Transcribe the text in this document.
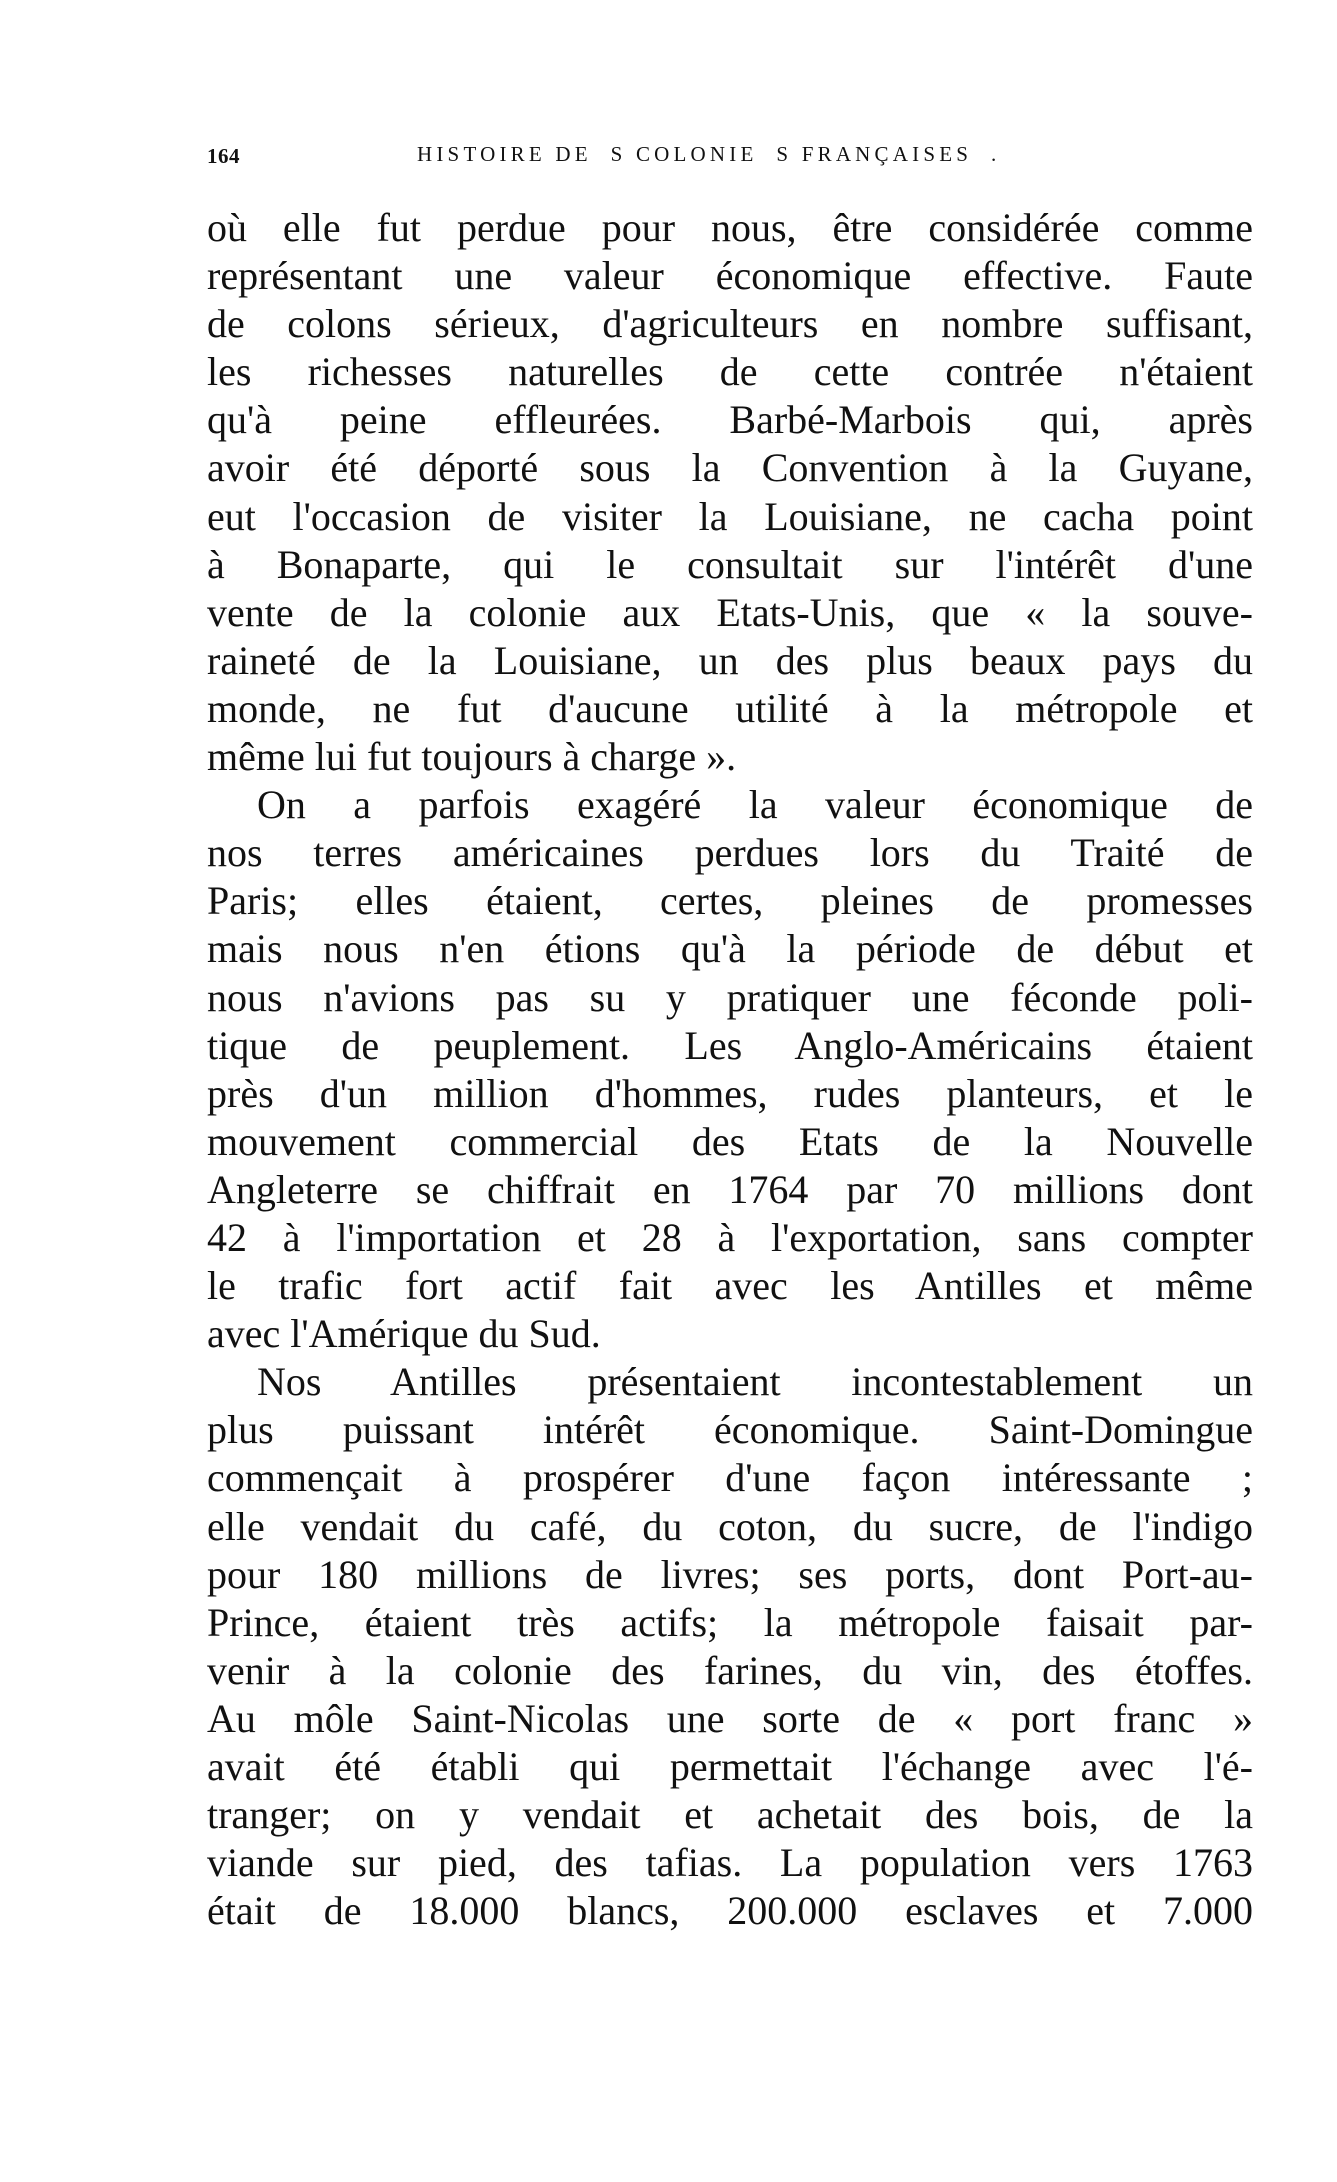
164	HISTOIRE DE  S COLONIE  S FRANÇAISES  .
où elle fut perdue pour nous, être considérée comme
représentant une valeur économique effective. Faute
de colons sérieux, d'agriculteurs en nombre suffisant,
les richesses naturelles de cette contrée n'étaient
qu'à peine effleurées. Barbé-Marbois qui, après
avoir été déporté sous la Convention à la Guyane,
eut l'occasion de visiter la Louisiane, ne cacha point
à Bonaparte, qui le consultait sur l'intérêt d'une
vente de la colonie aux Etats-Unis, que « la souve-
raineté de la Louisiane, un des plus beaux pays du
monde, ne fut d'aucune utilité à la métropole et
même lui fut toujours à charge ».
On a parfois exagéré la valeur économique de
nos terres américaines perdues lors du Traité de
Paris; elles étaient, certes, pleines de promesses
mais nous n'en étions qu'à la période de début et
nous n'avions pas su y pratiquer une féconde poli-
tique de peuplement. Les Anglo-Américains étaient
près d'un million d'hommes, rudes planteurs, et le
mouvement commercial des Etats de la Nouvelle
Angleterre se chiffrait en 1764 par 70 millions dont
42 à l'importation et 28 à l'exportation, sans compter
le trafic fort actif fait avec les Antilles et même
avec l'Amérique du Sud.
Nos Antilles présentaient incontestablement un
plus puissant intérêt économique. Saint-Domingue
commençait à prospérer d'une façon intéressante ;
elle vendait du café, du coton, du sucre, de l'indigo
pour 180 millions de livres; ses ports, dont Port-au-
Prince, étaient très actifs; la métropole faisait par-
venir à la colonie des farines, du vin, des étoffes.
Au môle Saint-Nicolas une sorte de « port franc »
avait été établi qui permettait l'échange avec l'é-
tranger; on y vendait et achetait des bois, de la
viande sur pied, des tafias. La population vers 1763
était de 18.000 blancs, 200.000 esclaves et 7.000
